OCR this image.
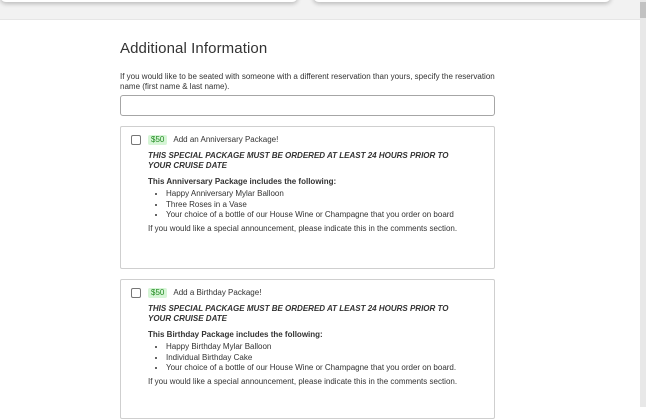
Additional Information

If you would like to be seated with someone with a different reservation than yours, specify the reservation name (first name & last name).

$50	Add an Anniversary Package!

THIS SPECIAL PACKAGE MUST BE ORDERED AT LEAST 24 HOURS PRIOR TO YOUR CRUISE DATE

This Anniversary Package includes the following:

• Happy Anniversary Mylar Balloon
• Three Roses in a Vase
• Your choice of a bottle of our House Wine or Champagne that you order on board

If you would like a special announcement, please indicate this in the comments section.

$50	Add a Birthday Package!

THIS SPECIAL PACKAGE MUST BE ORDERED AT LEAST 24 HOURS PRIOR TO YOUR CRUISE DATE

This Birthday Package includes the following:

• Happy Birthday Mylar Balloon
• Individual Birthday Cake
• Your choice of a bottle of our House Wine or Champagne that you order on board.

If you would like a special announcement, please indicate this in the comments section.
